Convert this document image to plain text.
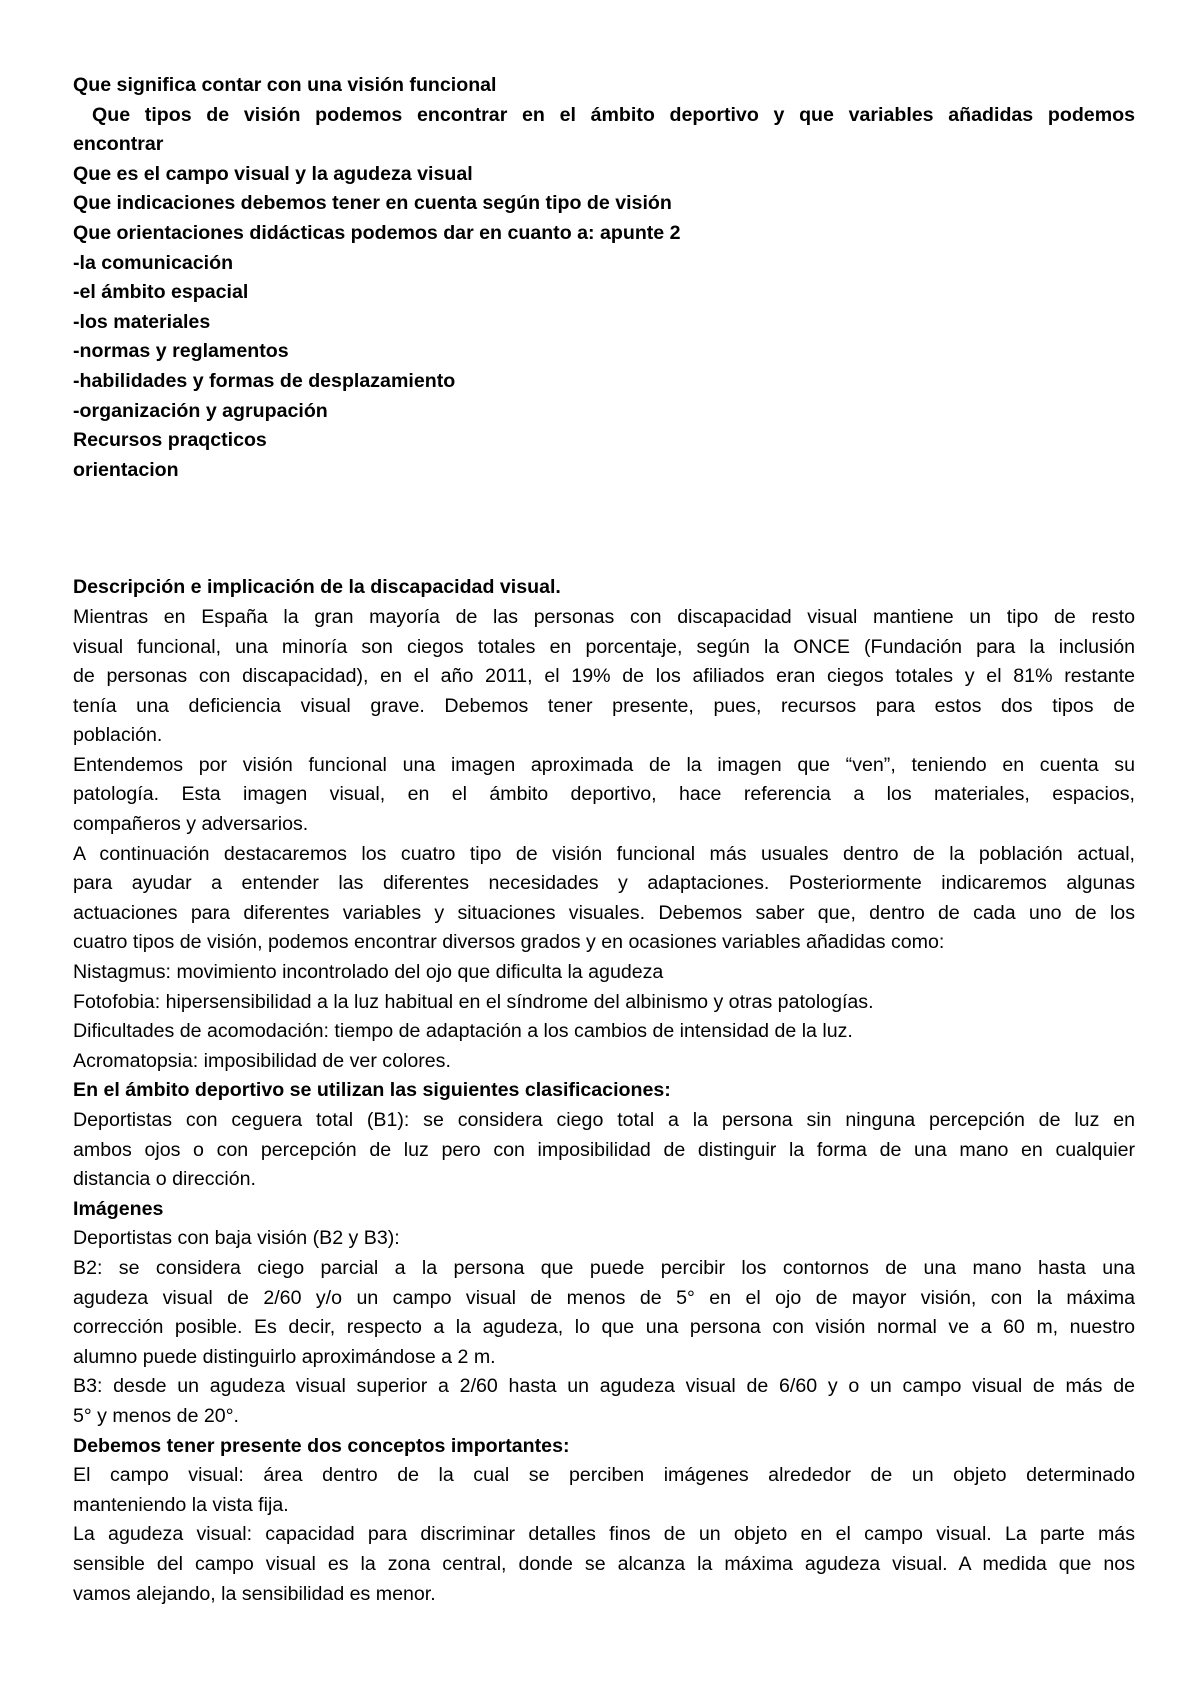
Que significa contar con una visión funcional

Que tipos de visión podemos encontrar en el ámbito deportivo y que variables añadidas podemos

encontrar

Que es el campo visual y la agudeza visual

Que indicaciones debemos tener en cuenta según tipo de visión

Que orientaciones didácticas podemos dar en cuanto a: apunte 2

-la comunicación

-el ámbito espacial

-los materiales

-normas y reglamentos

-habilidades y formas de desplazamiento

-organización y agrupación

Recursos praqcticos

orientacion

Descripción e implicación de la discapacidad visual.

Mientras en España la gran mayoría de las personas con discapacidad visual mantiene un tipo de resto

visual funcional, una minoría son ciegos totales en porcentaje, según la ONCE (Fundación para la inclusión

de personas con discapacidad), en el año 2011, el 19% de los afiliados eran ciegos totales y el 81% restante

tenía una deficiencia visual grave. Debemos tener presente, pues, recursos para estos dos tipos de

población.

Entendemos por visión funcional una imagen aproximada de la imagen que “ven”, teniendo en cuenta su

patología. Esta imagen visual, en el ámbito deportivo, hace referencia a los materiales, espacios,

compañeros y adversarios.

A continuación destacaremos los cuatro tipo de visión funcional más usuales dentro de la población actual,

para ayudar a entender las diferentes necesidades y adaptaciones. Posteriormente indicaremos algunas

actuaciones para diferentes variables y situaciones visuales. Debemos saber que, dentro de cada uno de los

cuatro tipos de visión, podemos encontrar diversos grados y en ocasiones variables añadidas como:

Nistagmus: movimiento incontrolado del ojo que dificulta la agudeza

Fotofobia: hipersensibilidad a la luz habitual en el síndrome del albinismo y otras patologías.

Dificultades de acomodación: tiempo de adaptación a los cambios de intensidad de la luz.

Acromatopsia: imposibilidad de ver colores.

En el ámbito deportivo se utilizan las siguientes clasificaciones:

Deportistas con ceguera total (B1): se considera ciego total a la persona sin ninguna percepción de luz en

ambos ojos o con percepción de luz pero con imposibilidad de distinguir la forma de una mano en cualquier

distancia o dirección.

Imágenes

Deportistas con baja visión (B2 y B3):

B2: se considera ciego parcial a la persona que puede percibir los contornos de una mano hasta una

agudeza visual de 2/60 y/o un campo visual de menos de 5° en el ojo de mayor visión, con la máxima

corrección posible. Es decir, respecto a la agudeza, lo que una persona con visión normal ve a 60 m, nuestro

alumno puede distinguirlo aproximándose a 2 m.

B3: desde un agudeza visual superior a 2/60 hasta un agudeza visual de 6/60 y o un campo visual de más de

5° y menos de 20°.

Debemos tener presente dos conceptos importantes:

El campo visual: área dentro de la cual se perciben imágenes alrededor de un objeto determinado

manteniendo la vista fija.

La agudeza visual: capacidad para discriminar detalles finos de un objeto en el campo visual. La parte más

sensible del campo visual es la zona central, donde se alcanza la máxima agudeza visual. A medida que nos

vamos alejando, la sensibilidad es menor.
